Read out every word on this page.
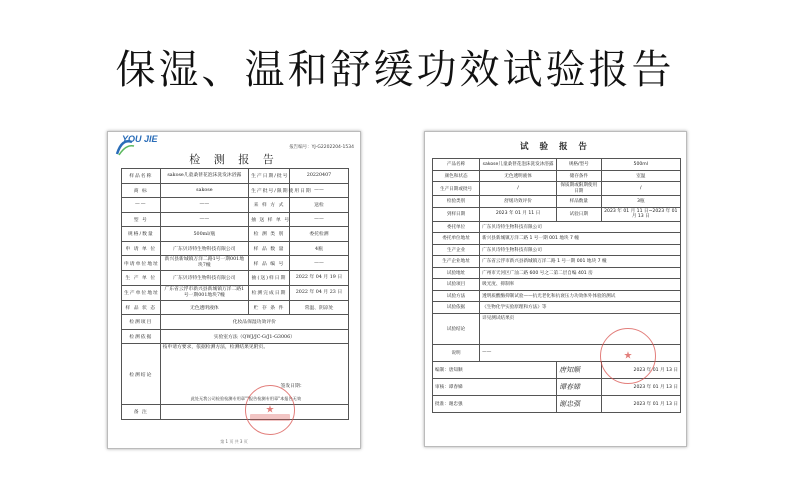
保湿、温和舒缓功效试验报告
YOU JIE
报告编号：YJ-G2202204-1534
检 测 报 告
样品名称	sakose儿童桑葚花泡沫洗发沐浴露	生产日期/批号	20220407
商 标	sakose	生产批号/限期使用日期	——
——	——	来 样 方 式	送检
型 号	——	抽 送 样 单 号	——
规格/数量	500ml/瓶	检 测 类 别	委托检测
申 请 单 位	广东贝诗特生物科技有限公司	样 品 数 量	4瓶
申请单位地址	新兴县新城镇万洋二路1号一期001地块7幢	样 品 编 号	——
生 产 单 位	广东贝诗特生物科技有限公司	抽(送)样日期	2022 年 04 月 19 日
生产单位地址	广东省云浮市新兴县新城镇万洋二路1号一期001地块7幢	检测完成日期	2022 年 04 月 23 日
样 品 状 态	无色透明液体	贮 存 条 件	常温、阴凉处
检测项目	化妆品保湿功效评价		
检测依据	实验室方法（QWJ/JC-G/J1-G3006）		
检测结论	按申请方要求，依据检测方法，检测结果见附页。
签发日期：
此处无我公司检验检测专用章""报告检测专用章"本报告无效		

备 注				★
第 1 页 共 3 页
试 验 报 告
产品名称	sakose儿童桑葚花泡沫洗发沐浴露	规格/型号	500ml
颜色和状态	无色透明液体	储存条件	室温
生产日期或批号	/	保质期或限期使用日期	/
检验类别	舒缓功效评价	样品数量	3瓶
到样日期	2023 年 01 月 11 日	试验日期	2023 年 01 月 11 日~2023 年 01 月 13 日
委托单位	广东贝诗特生物科技有限公司		
委托单位地址	新兴县新城镇万洋二路 1 号一期 001 地块 7 幢		
生产企业	广东贝诗特生物科技有限公司		
生产企业地址	广东省云浮市新兴县新城镇万洋二路 1 号一期 001 地块 7 幢		
试验地址	广州市天河区广汕二路 600 号之二第二层自编 401 房		
试验项目	吸光度、抑制率		
试验方法	透明质酸酶抑制试验——抗光老化和抗衰压力功效体外体验的测试		
试验依据	《生物化学实验原理和方法》等		
试验结论	详见测试结果页		
说明	——		
编制：唐知顺		唐知顺	2023 年 01 月 13 日
审核：谭春娣		谭春娣	2023 年 01 月 13 日
批准：谢忠强		谢忠强	2023 年 01 月 13 日
★
